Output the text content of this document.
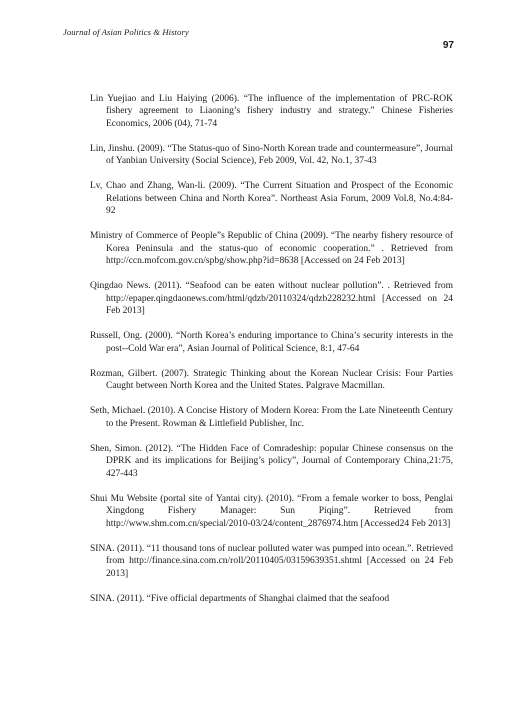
Journal of Asian Politics & History
97

Lin Yuejiao and Liu Haiying (2006). “The influence of the implementation of PRC-ROK fishery agreement to Liaoning’s fishery industry and strategy.” Chinese Fisheries Economics, 2006 (04), 71-74

Lin, Jinshu. (2009). “The Status-quo of Sino-North Korean trade and countermeasure”, Journal of Yanbian University (Social Science), Feb 2009, Vol. 42, No.1, 37-43

Lv, Chao and Zhang, Wan-li. (2009). “The Current Situation and Prospect of the Economic Relations between China and North Korea”. Northeast Asia Forum, 2009 Vol.8, No.4:84-92

Ministry of Commerce of People”s Republic of China (2009). “The nearby fishery resource of Korea Peninsula and the status-quo of economic cooperation.” . Retrieved from http://ccn.mofcom.gov.cn/spbg/show.php?id=8638 [Accessed on 24 Feb 2013]

Qingdao News. (2011). “Seafood can be eaten without nuclear pollution”. . Retrieved from http://epaper.qingdaonews.com/html/qdzb/20110324/qdzb228232.html [Accessed on 24 Feb 2013]

Russell, Ong. (2000). “North Korea’s enduring importance to China’s security interests in the post--Cold War era”, Asian Journal of Political Science, 8:1, 47-64

Rozman, Gilbert. (2007). Strategic Thinking about the Korean Nuclear Crisis: Four Parties Caught between North Korea and the United States. Palgrave Macmillan.

Seth, Michael. (2010). A Concise History of Modern Korea: From the Late Nineteenth Century to the Present. Rowman & Littlefield Publisher, Inc.

Shen, Simon. (2012). “The Hidden Face of Comradeship: popular Chinese consensus on the DPRK and its implications for Beijing’s policy”, Journal of Contemporary China,21:75, 427-443

Shui Mu Website (portal site of Yantai city). (2010). “From a female worker to boss, Penglai Xingdong Fishery Manager: Sun Piqing”. Retrieved from http://www.shm.com.cn/special/2010-03/24/content_2876974.htm [Accessed24 Feb 2013]

SINA. (2011). “11 thousand tons of nuclear polluted water was pumped into ocean.”. Retrieved from http://finance.sina.com.cn/roll/20110405/03159639351.shtml [Accessed on 24 Feb 2013]

SINA. (2011). “Five official departments of Shanghai claimed that the seafood
